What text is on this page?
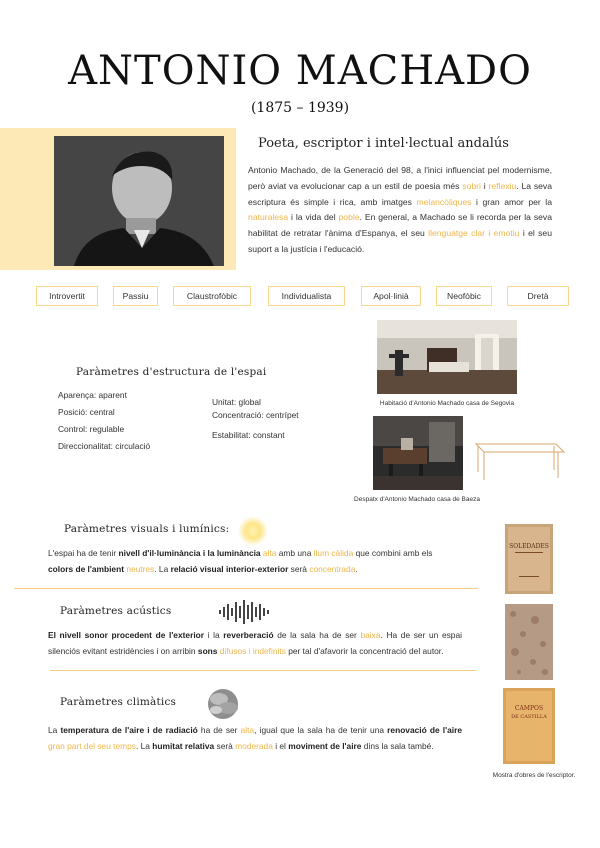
ANTONIO MACHADO
(1875 – 1939)
Poeta, escriptor i intel·lectual andalús
Antonio Machado, de la Generació del 98, a l'inici influenciat pel modernisme, però aviat va evolucionar cap a un estil de poesia més sobri i reflexiu. La seva escriptura és simple i rica, amb imatges melancòliques i gran amor per la naturalesa i la vida del poble. En general, a Machado se li recorda per la seva habilitat de retratar l'ànima d'Espanya, el seu llenguatge clar i emotiu i el seu suport a la justícia i l'educació.
Introvertit	Passiu	Claustrofòbic	Individualista	Apol·linià	Neofòbic	Dretà
Paràmetres d'estructura de l'espai
Aparença: aparent
Posició: central
Control: regulable
Direccionalitat: circulació
Unitat: global
Concentració: centrípet
Estabilitat: constant
Habitació d'Antonio Machado casa de Segovia
Despatx d'Antonio Machado casa de Baeza
Paràmetres visuals i lumínics:
L'espai ha de tenir nivell d'il·luminància i la luminància alta amb una llum càlida que combini amb els colors de l'ambient neutres. La relació visual interior-exterior serà concentrada.
Paràmetres acústics
El nivell sonor procedent de l'exterior i la reverberació de la sala ha de ser baixa. Ha de ser un espai silenciós evitant estridències i on arribin sons difusos i indefinits per tal d'afavorir la concentració del autor.
Paràmetres climàtics
La temperatura de l'aire i de radiació ha de ser alta, igual que la sala ha de tenir una renovació de l'aire gran part del seu temps. La humitat relativa serà moderada i el moviment de l'aire dins la sala també.
SOLEDADES
CAMPOS
DE CASTILLA
Mostra d'obres de l'escriptor.
